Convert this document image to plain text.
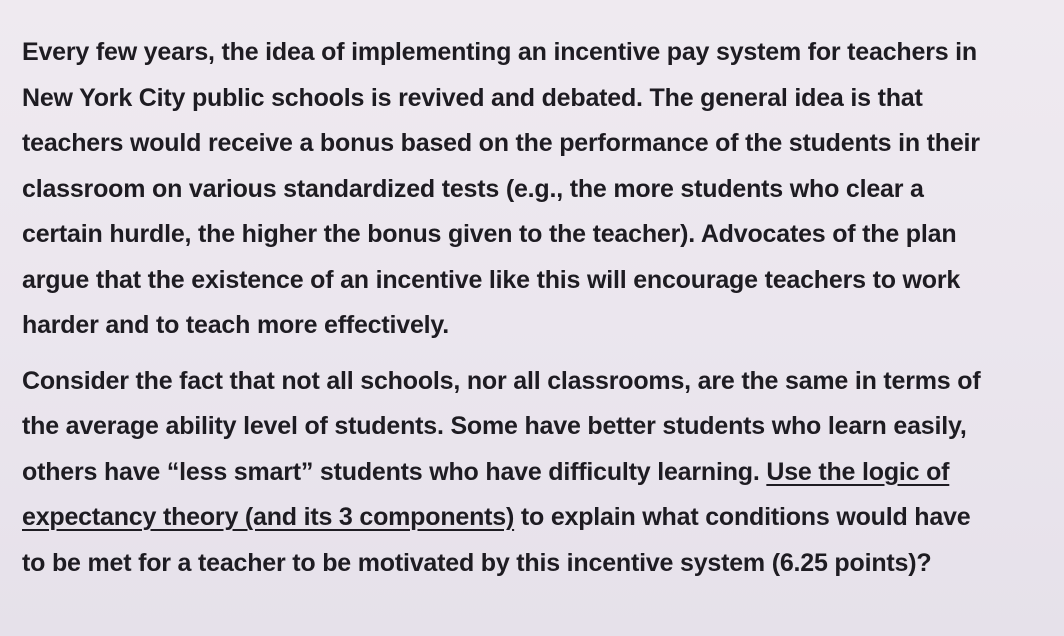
Every few years, the idea of implementing an incentive pay system for teachers in
New York City public schools is revived and debated. The general idea is that
teachers would receive a bonus based on the performance of the students in their
classroom on various standardized tests (e.g., the more students who clear a
certain hurdle, the higher the bonus given to the teacher). Advocates of the plan
argue that the existence of an incentive like this will encourage teachers to work
harder and to teach more effectively.

Consider the fact that not all schools, nor all classrooms, are the same in terms of
the average ability level of students. Some have better students who learn easily,
others have “less smart” students who have difficulty learning. Use the logic of
expectancy theory (and its 3 components) to explain what conditions would have
to be met for a teacher to be motivated by this incentive system (6.25 points)?
